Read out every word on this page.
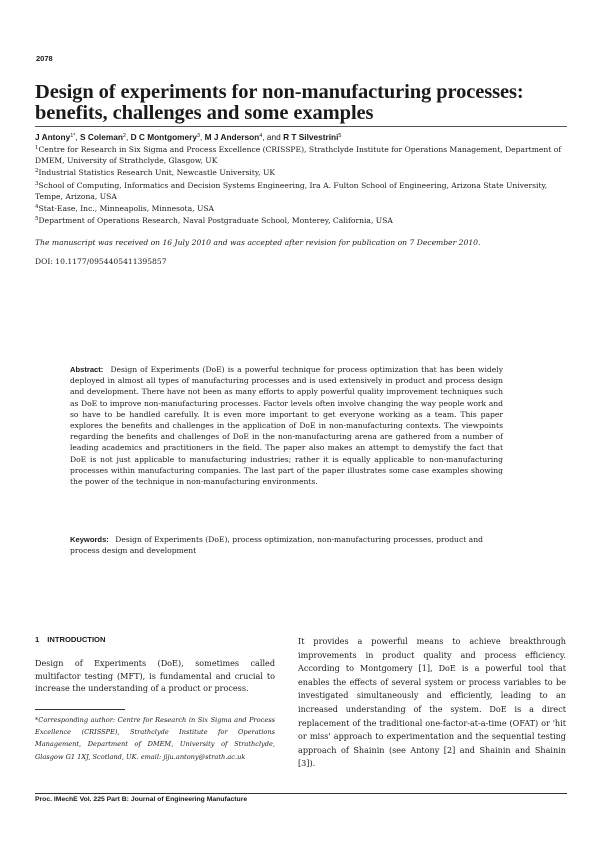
2078
Design of experiments for non-manufacturing processes: benefits, challenges and some examples
J Antony$^{1*}$, S Coleman$^2$, D C Montgomery$^3$, M J Anderson$^4$, and R T Silvestrini$^5$

$^1$Centre for Research in Six Sigma and Process Excellence (CRISSPE), Strathclyde Institute for Operations Management, Department of DMEM, University of Strathclyde, Glasgow, UK

$^2$Industrial Statistics Research Unit, Newcastle University, UK

$^3$School of Computing, Informatics and Decision Systems Engineering, Ira A. Fulton School of Engineering, Arizona State University, Tempe, Arizona, USA

$^4$Stat-Ease, Inc., Minneapolis, Minnesota, USA

$^5$Department of Operations Research, Naval Postgraduate School, Monterey, California, USA

The manuscript was received on 16 July 2010 and was accepted after revision for publication on 7 December 2010.
DOI: 10.1177/0954405411395857
Abstract: Design of Experiments (DoE) is a powerful technique for process optimization that has been widely deployed in almost all types of manufacturing processes and is used extensively in product and process design and development. There have not been as many efforts to apply powerful quality improvement techniques such as DoE to improve non-manufacturing processes. Factor levels often involve changing the way people work and so have to be handled carefully. It is even more important to get everyone working as a team. This paper explores the benefits and challenges in the application of DoE in non-manufacturing contexts. The viewpoints regarding the benefits and challenges of DoE in the non-manufacturing arena are gathered from a number of leading academics and practitioners in the field. The paper also makes an attempt to demystify the fact that DoE is not just applicable to manufacturing industries; rather it is equally applicable to non-manufacturing processes within manufacturing companies. The last part of the paper illustrates some case examples showing the power of the technique in non-manufacturing environments.
Keywords: Design of Experiments (DoE), process optimization, non-manufacturing processes, product and process design and development
1 INTRODUCTION
Design of Experiments (DoE), sometimes called multifactor testing (MFT), is fundamental and crucial to increase the understanding of a product or process.
*Corresponding author: Centre for Research in Six Sigma and Process Excellence (CRISSPE), Strathclyde Institute for Operations Management, Department of DMEM, University of Strathclyde, Glasgow G1 1XJ, Scotland, UK. email: jiju.antony@strath.ac.uk
It provides a powerful means to achieve breakthrough improvements in product quality and process efficiency. According to Montgomery [1], DoE is a powerful tool that enables the effects of several system or process variables to be investigated simultaneously and efficiently, leading to an increased understanding of the system. DoE is a direct replacement of the traditional one-factor-at-a-time (OFAT) or 'hit or miss' approach to experimentation and the sequential testing approach of Shainin (see Antony [2] and Shainin and Shainin [3]).
Proc. IMechE Vol. 225 Part B: Journal of Engineering Manufacture
